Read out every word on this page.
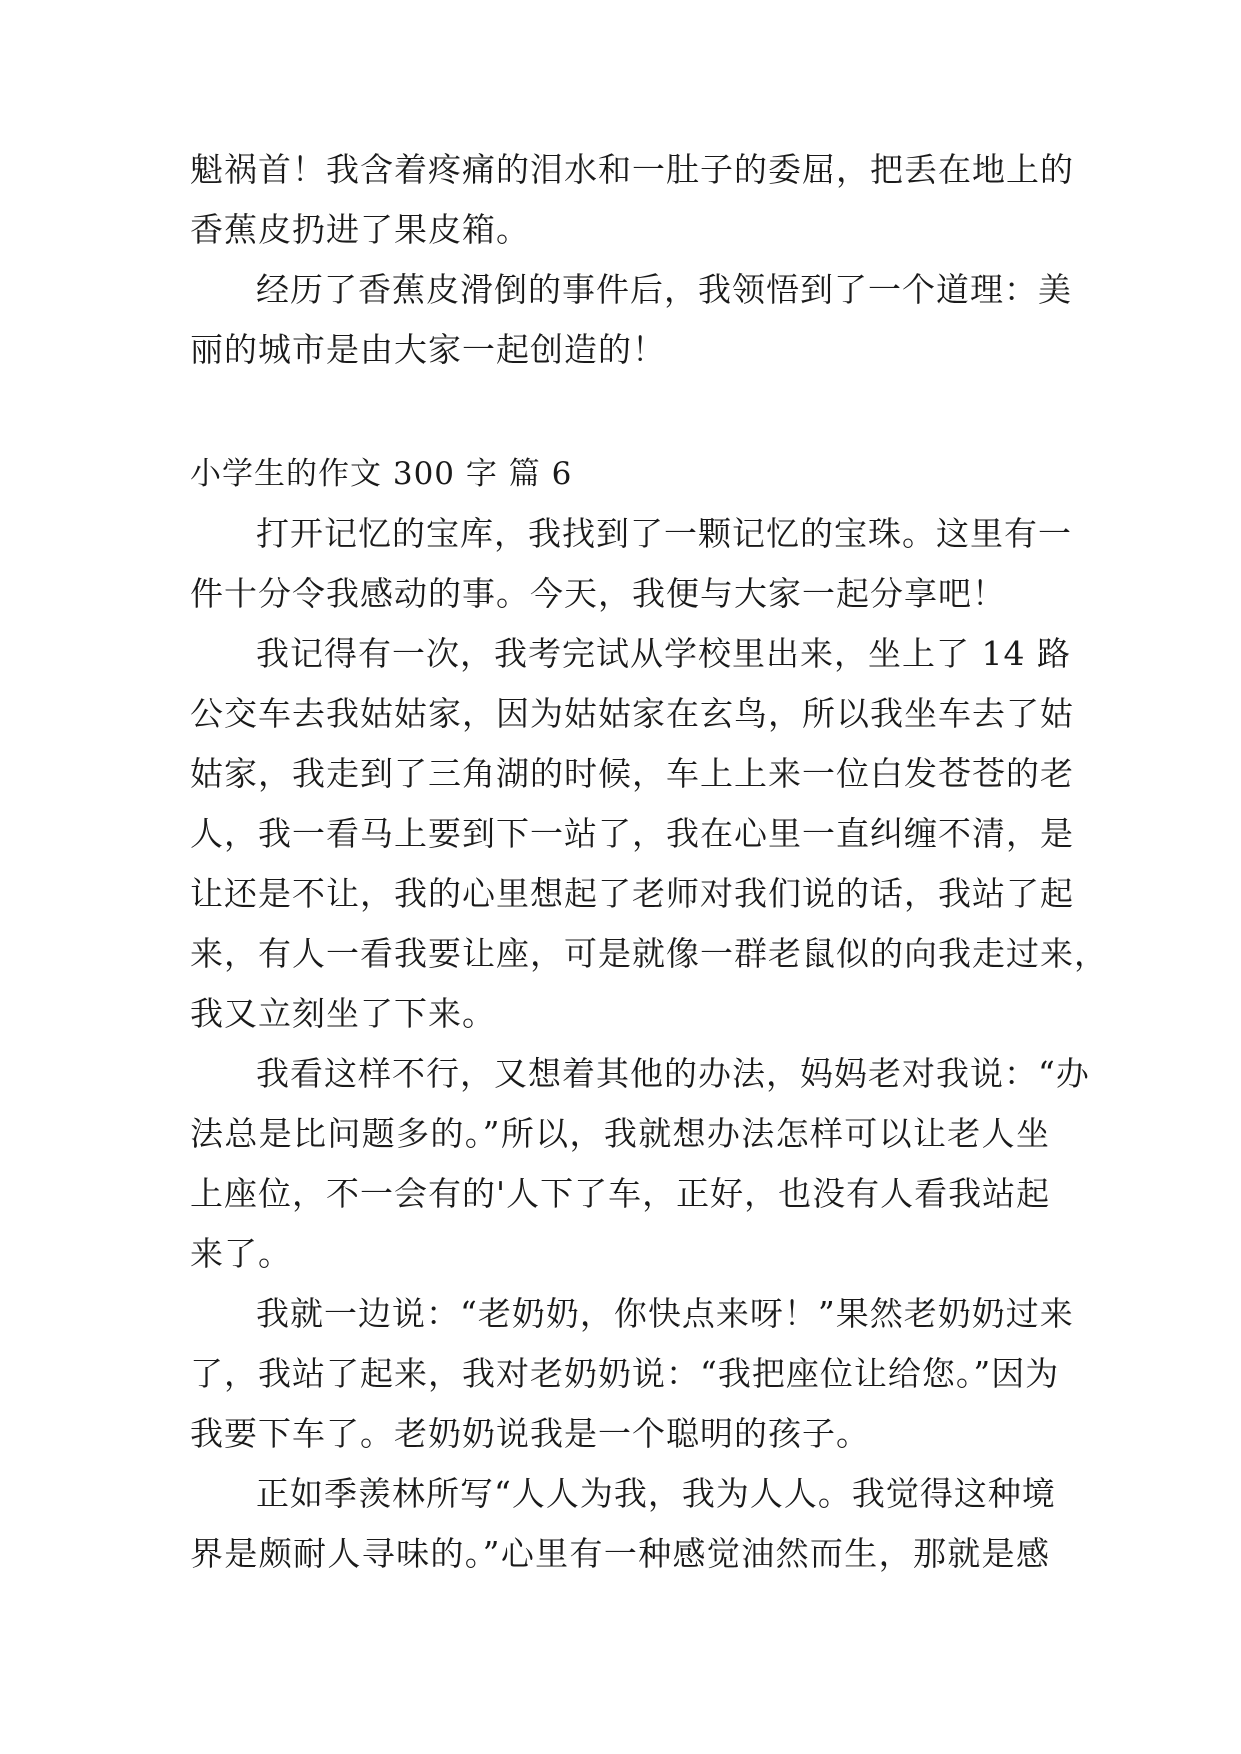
魁祸首！我含着疼痛的泪水和一肚子的委屈，把丢在地上的
香蕉皮扔进了果皮箱。
经历了香蕉皮滑倒的事件后，我领悟到了一个道理：美
丽的城市是由大家一起创造的！
小学生的作文 300 字 篇 6
打开记忆的宝库，我找到了一颗记忆的宝珠。这里有一
件十分令我感动的事。今天，我便与大家一起分享吧！
我记得有一次，我考完试从学校里出来，坐上了 14 路
公交车去我姑姑家，因为姑姑家在玄鸟，所以我坐车去了姑
姑家，我走到了三角湖的时候，车上上来一位白发苍苍的老
人，我一看马上要到下一站了，我在心里一直纠缠不清，是
让还是不让，我的心里想起了老师对我们说的话，我站了起
来，有人一看我要让座，可是就像一群老鼠似的向我走过来，
我又立刻坐了下来。
我看这样不行，又想着其他的办法，妈妈老对我说：“办
法总是比问题多的。”所以，我就想办法怎样可以让老人坐
上座位，不一会有的'人下了车，正好，也没有人看我站起
来了。
我就一边说：“老奶奶，你快点来呀！”果然老奶奶过来
了，我站了起来，我对老奶奶说：“我把座位让给您。”因为
我要下车了。老奶奶说我是一个聪明的孩子。
正如季羡林所写“人人为我，我为人人。我觉得这种境
界是颇耐人寻味的。”心里有一种感觉油然而生，那就是感
